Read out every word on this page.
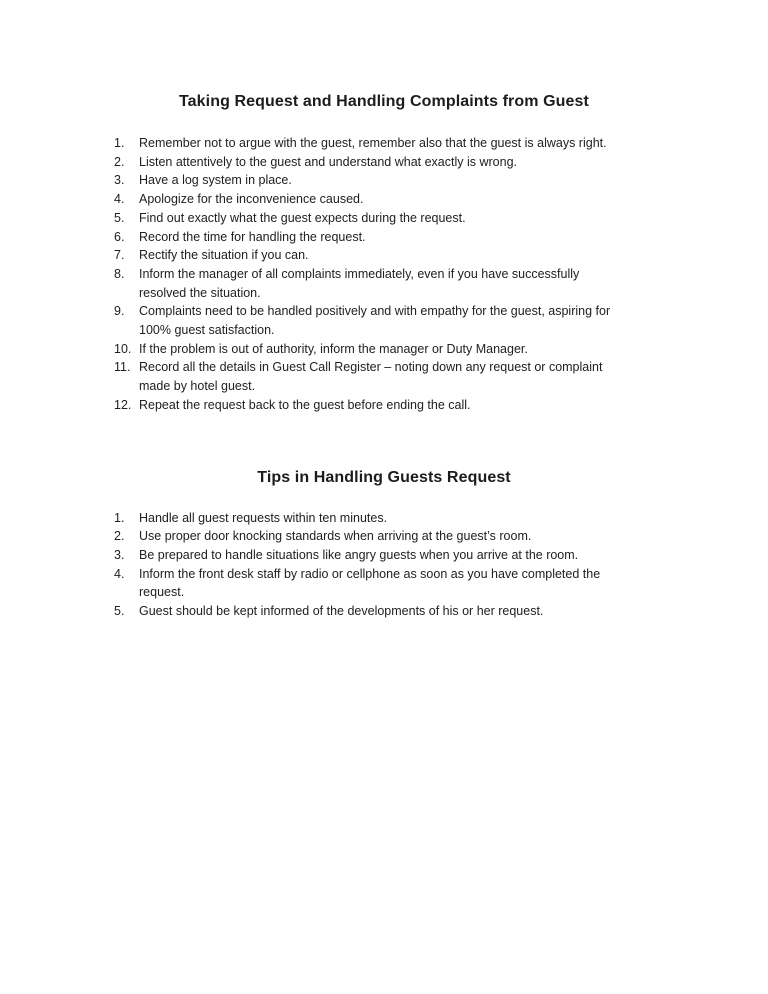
Taking Request and Handling Complaints from Guest
1.	Remember not to argue with the guest, remember also that the guest is always right.
2.	Listen attentively to the guest and understand what exactly is wrong.
3.	Have a log system in place.
4.	Apologize for the inconvenience caused.
5.	Find out exactly what the guest expects during the request.
6.	Record the time for handling the request.
7.	Rectify the situation if you can.
8.	Inform the manager of all complaints immediately, even if you have successfully
resolved the situation.
9.	Complaints need to be handled positively and with empathy for the guest, aspiring for
100% guest satisfaction.
10. If the problem is out of authority, inform the manager or Duty Manager.
11. Record all the details in Guest Call Register – noting down any request or complaint
made by hotel guest.
12. Repeat the request back to the guest before ending the call.
Tips in Handling Guests Request
1.	Handle all guest requests within ten minutes.
2.	Use proper door knocking standards when arriving at the guest’s room.
3.	Be prepared to handle situations like angry guests when you arrive at the room.
4.	Inform the front desk staff by radio or cellphone as soon as you have completed the
request.
5.	Guest should be kept informed of the developments of his or her request.
